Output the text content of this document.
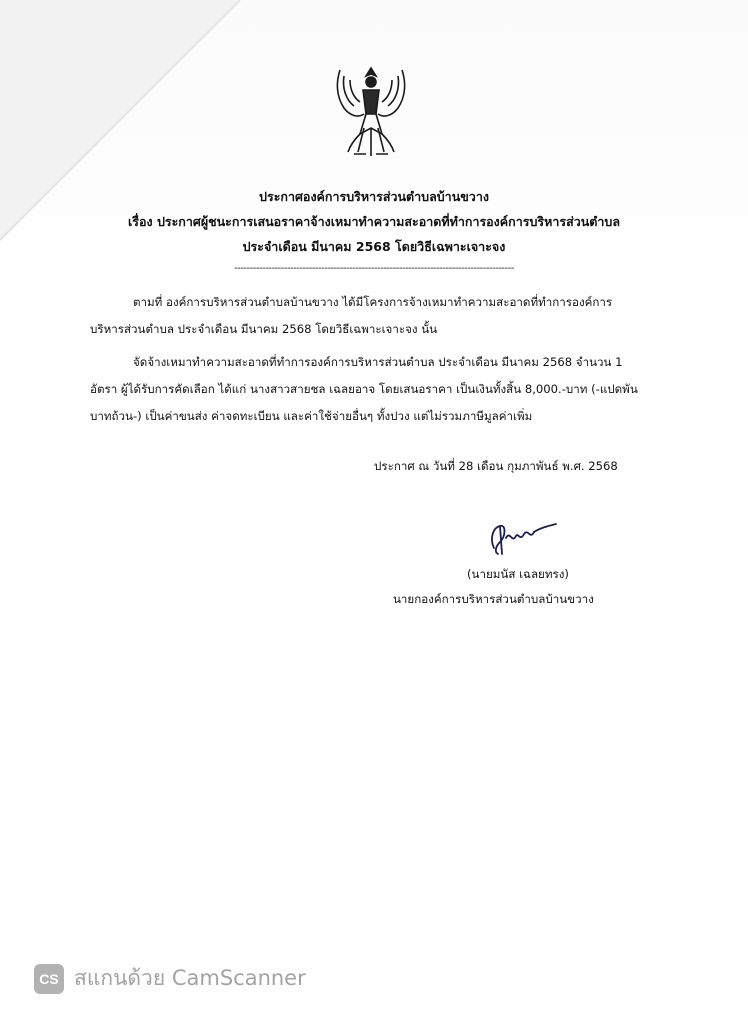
ประกาศองค์การบริหารส่วนตำบลบ้านขวาง
เรื่อง ประกาศผู้ชนะการเสนอราคาจ้างเหมาทำความสะอาดที่ทำการองค์การบริหารส่วนตำบล
ประจำเดือน มีนาคม 2568 โดยวิธีเฉพาะเจาะจง
------------------------------------------------------------------------------------------
ตามที่ องค์การบริหารส่วนตำบลบ้านขวาง ได้มีโครงการจ้างเหมาทำความสะอาดที่ทำการองค์การ
บริหารส่วนตำบล ประจำเดือน มีนาคม 2568 โดยวิธีเฉพาะเจาะจง นั้น
จัดจ้างเหมาทำความสะอาดที่ทำการองค์การบริหารส่วนตำบล ประจำเดือน มีนาคม 2568 จำนวน 1
อัตรา ผู้ได้รับการคัดเลือก ได้แก่ นางสาวสายชล เฉลยอาจ โดยเสนอราคา เป็นเงินทั้งสิ้น 8,000.-บาท (-แปดพัน
บาทถ้วน-) เป็นค่าขนส่ง ค่าจดทะเบียน และค่าใช้จ่ายอื่นๆ ทั้งปวง แต่ไม่รวมภาษีมูลค่าเพิ่ม
ประกาศ ณ วันที่ 28 เดือน กุมภาพันธ์ พ.ศ. 2568
(นายมนัส เฉลยทรง)
นายกองค์การบริหารส่วนตำบลบ้านขวาง
CS สแกนด้วย CamScanner
